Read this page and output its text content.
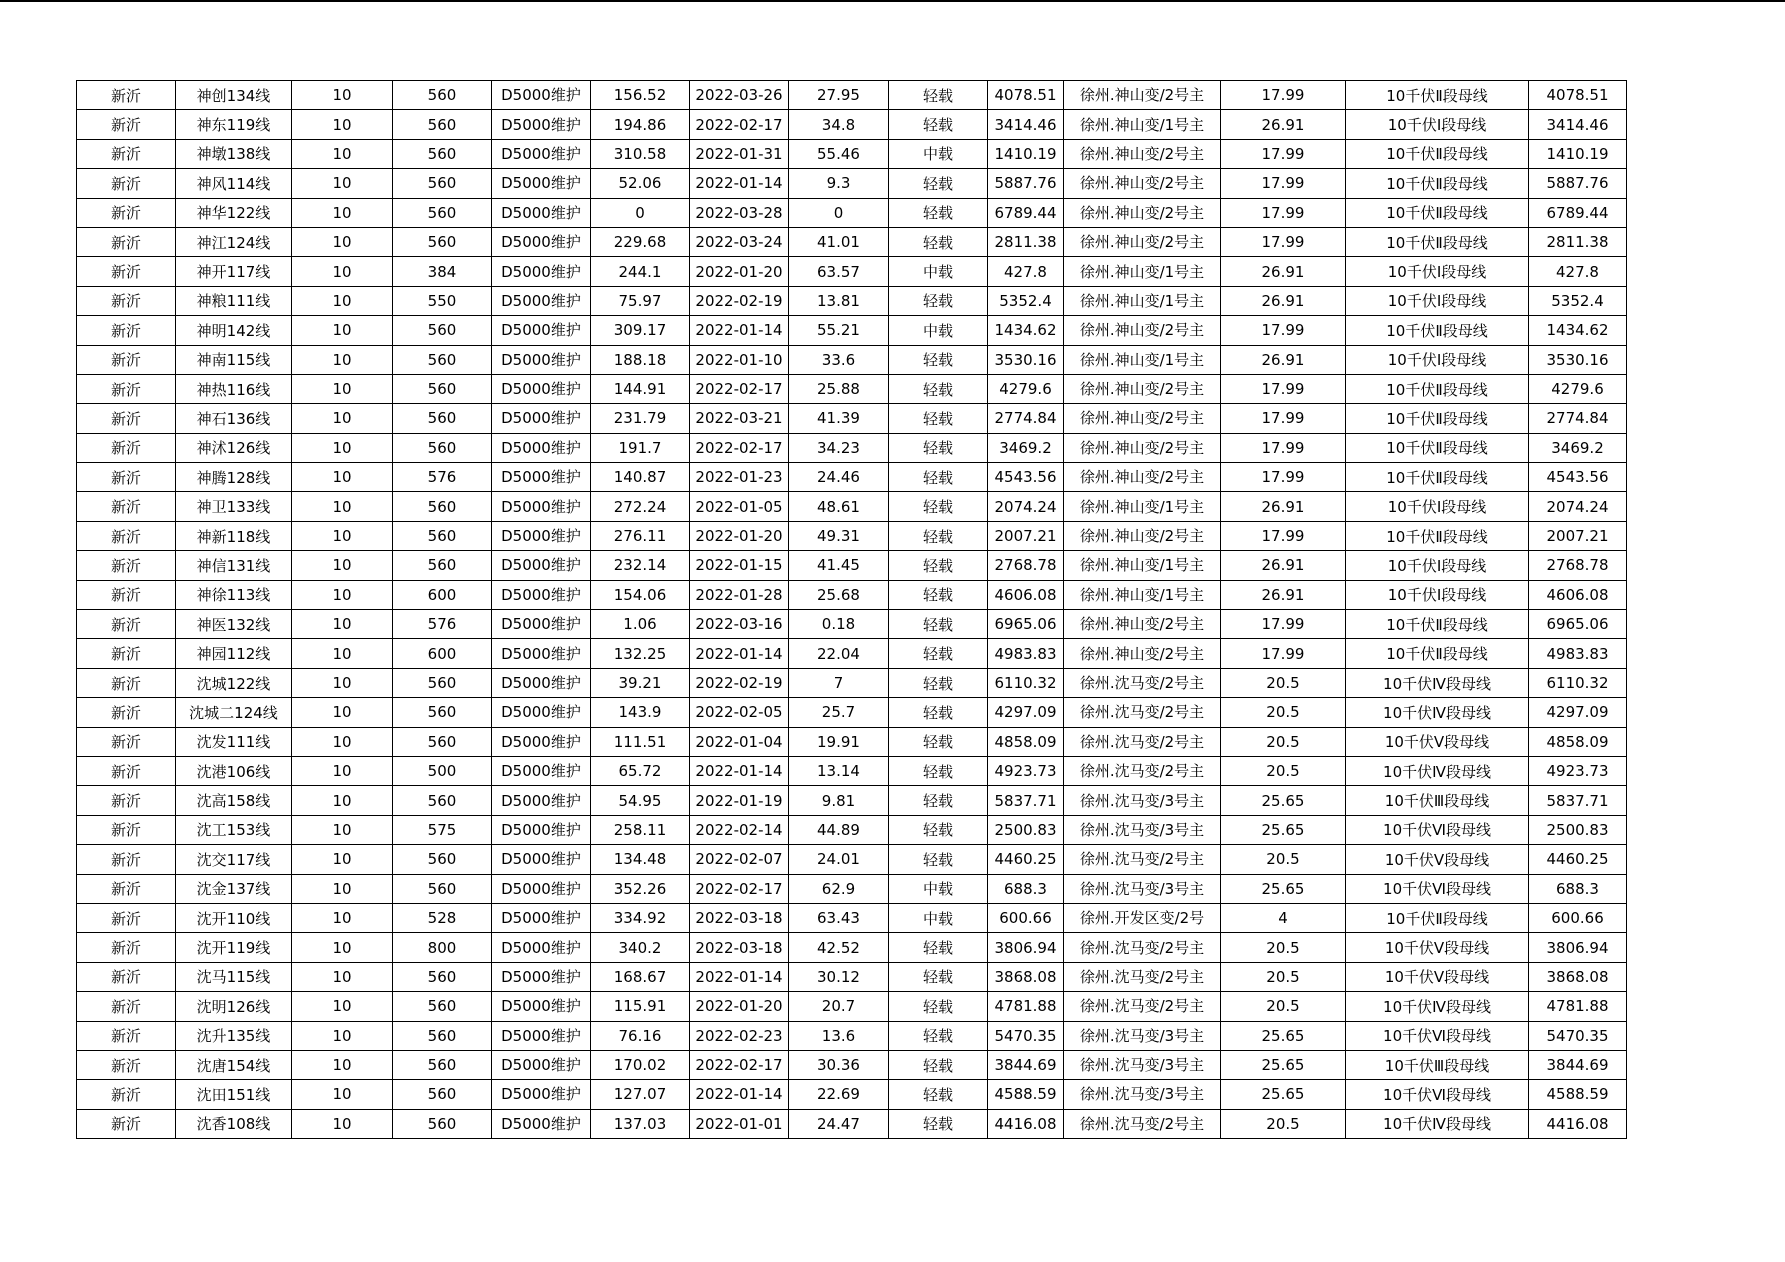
新沂	神创134线	10	560	D5000维护	156.52	2022-03-26	27.95	轻载	4078.51	徐州.神山变/2号主	17.99	10千伏Ⅱ段母线	4078.51
新沂	神东119线	10	560	D5000维护	194.86	2022-02-17	34.8	轻载	3414.46	徐州.神山变/1号主	26.91	10千伏Ⅰ段母线	3414.46
新沂	神墩138线	10	560	D5000维护	310.58	2022-01-31	55.46	中载	1410.19	徐州.神山变/2号主	17.99	10千伏Ⅱ段母线	1410.19
新沂	神风114线	10	560	D5000维护	52.06	2022-01-14	9.3	轻载	5887.76	徐州.神山变/2号主	17.99	10千伏Ⅱ段母线	5887.76
新沂	神华122线	10	560	D5000维护	0	2022-03-28	0	轻载	6789.44	徐州.神山变/2号主	17.99	10千伏Ⅱ段母线	6789.44
新沂	神江124线	10	560	D5000维护	229.68	2022-03-24	41.01	轻载	2811.38	徐州.神山变/2号主	17.99	10千伏Ⅱ段母线	2811.38
新沂	神开117线	10	384	D5000维护	244.1	2022-01-20	63.57	中载	427.8	徐州.神山变/1号主	26.91	10千伏Ⅰ段母线	427.8
新沂	神粮111线	10	550	D5000维护	75.97	2022-02-19	13.81	轻载	5352.4	徐州.神山变/1号主	26.91	10千伏Ⅰ段母线	5352.4
新沂	神明142线	10	560	D5000维护	309.17	2022-01-14	55.21	中载	1434.62	徐州.神山变/2号主	17.99	10千伏Ⅱ段母线	1434.62
新沂	神南115线	10	560	D5000维护	188.18	2022-01-10	33.6	轻载	3530.16	徐州.神山变/1号主	26.91	10千伏Ⅰ段母线	3530.16
新沂	神热116线	10	560	D5000维护	144.91	2022-02-17	25.88	轻载	4279.6	徐州.神山变/2号主	17.99	10千伏Ⅱ段母线	4279.6
新沂	神石136线	10	560	D5000维护	231.79	2022-03-21	41.39	轻载	2774.84	徐州.神山变/2号主	17.99	10千伏Ⅱ段母线	2774.84
新沂	神沭126线	10	560	D5000维护	191.7	2022-02-17	34.23	轻载	3469.2	徐州.神山变/2号主	17.99	10千伏Ⅱ段母线	3469.2
新沂	神腾128线	10	576	D5000维护	140.87	2022-01-23	24.46	轻载	4543.56	徐州.神山变/2号主	17.99	10千伏Ⅱ段母线	4543.56
新沂	神卫133线	10	560	D5000维护	272.24	2022-01-05	48.61	轻载	2074.24	徐州.神山变/1号主	26.91	10千伏Ⅰ段母线	2074.24
新沂	神新118线	10	560	D5000维护	276.11	2022-01-20	49.31	轻载	2007.21	徐州.神山变/2号主	17.99	10千伏Ⅱ段母线	2007.21
新沂	神信131线	10	560	D5000维护	232.14	2022-01-15	41.45	轻载	2768.78	徐州.神山变/1号主	26.91	10千伏Ⅰ段母线	2768.78
新沂	神徐113线	10	600	D5000维护	154.06	2022-01-28	25.68	轻载	4606.08	徐州.神山变/1号主	26.91	10千伏Ⅰ段母线	4606.08
新沂	神医132线	10	576	D5000维护	1.06	2022-03-16	0.18	轻载	6965.06	徐州.神山变/2号主	17.99	10千伏Ⅱ段母线	6965.06
新沂	神园112线	10	600	D5000维护	132.25	2022-01-14	22.04	轻载	4983.83	徐州.神山变/2号主	17.99	10千伏Ⅱ段母线	4983.83
新沂	沈城122线	10	560	D5000维护	39.21	2022-02-19	7	轻载	6110.32	徐州.沈马变/2号主	20.5	10千伏Ⅳ段母线	6110.32
新沂	沈城二124线	10	560	D5000维护	143.9	2022-02-05	25.7	轻载	4297.09	徐州.沈马变/2号主	20.5	10千伏Ⅳ段母线	4297.09
新沂	沈发111线	10	560	D5000维护	111.51	2022-01-04	19.91	轻载	4858.09	徐州.沈马变/2号主	20.5	10千伏Ⅴ段母线	4858.09
新沂	沈港106线	10	500	D5000维护	65.72	2022-01-14	13.14	轻载	4923.73	徐州.沈马变/2号主	20.5	10千伏Ⅳ段母线	4923.73
新沂	沈高158线	10	560	D5000维护	54.95	2022-01-19	9.81	轻载	5837.71	徐州.沈马变/3号主	25.65	10千伏Ⅲ段母线	5837.71
新沂	沈工153线	10	575	D5000维护	258.11	2022-02-14	44.89	轻载	2500.83	徐州.沈马变/3号主	25.65	10千伏Ⅵ段母线	2500.83
新沂	沈交117线	10	560	D5000维护	134.48	2022-02-07	24.01	轻载	4460.25	徐州.沈马变/2号主	20.5	10千伏Ⅴ段母线	4460.25
新沂	沈金137线	10	560	D5000维护	352.26	2022-02-17	62.9	中载	688.3	徐州.沈马变/3号主	25.65	10千伏Ⅵ段母线	688.3
新沂	沈开110线	10	528	D5000维护	334.92	2022-03-18	63.43	中载	600.66	徐州.开发区变/2号	4	10千伏Ⅱ段母线	600.66
新沂	沈开119线	10	800	D5000维护	340.2	2022-03-18	42.52	轻载	3806.94	徐州.沈马变/2号主	20.5	10千伏Ⅴ段母线	3806.94
新沂	沈马115线	10	560	D5000维护	168.67	2022-01-14	30.12	轻载	3868.08	徐州.沈马变/2号主	20.5	10千伏Ⅴ段母线	3868.08
新沂	沈明126线	10	560	D5000维护	115.91	2022-01-20	20.7	轻载	4781.88	徐州.沈马变/2号主	20.5	10千伏Ⅳ段母线	4781.88
新沂	沈升135线	10	560	D5000维护	76.16	2022-02-23	13.6	轻载	5470.35	徐州.沈马变/3号主	25.65	10千伏Ⅵ段母线	5470.35
新沂	沈唐154线	10	560	D5000维护	170.02	2022-02-17	30.36	轻载	3844.69	徐州.沈马变/3号主	25.65	10千伏Ⅲ段母线	3844.69
新沂	沈田151线	10	560	D5000维护	127.07	2022-01-14	22.69	轻载	4588.59	徐州.沈马变/3号主	25.65	10千伏Ⅵ段母线	4588.59
新沂	沈香108线	10	560	D5000维护	137.03	2022-01-01	24.47	轻载	4416.08	徐州.沈马变/2号主	20.5	10千伏Ⅳ段母线	4416.08
